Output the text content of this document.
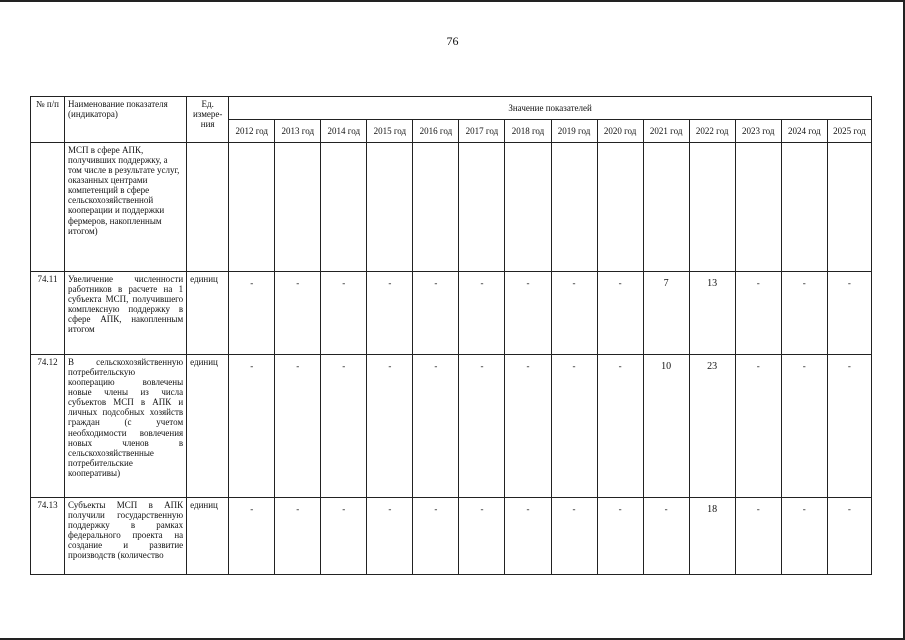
76
№ п/п	Наименование показателя (индикатора)	Ед. измере-ния	Значение показателей													
			2012 год	2013 год	2014 год	2015 год	2016 год	2017 год	2018 год	2019 год	2020 год	2021 год	2022 год	2023 год	2024 год	2025 год
	МСП в сфере АПК, получивших поддержку, а том числе в результате услуг, оказанных центрами компетенций в сфере сельскохозяйственной кооперации и поддержки фермеров, накопленным итогом)															
74.11	Увеличение численности работников в расчете на 1 субъекта МСП, получившего комплексную поддержку в сфере АПК, накопленным итогом	единиц	-	-	-	-	-	-	-	-	-	7	13	-	-	-
74.12	В сельскохозяйственную потребительскую кооперацию вовлечены новые члены из числа субъектов МСП в АПК и личных подсобных хозяйств граждан (с учетом необходимости вовлечения новых членов в сельскохозяйственные потребительские кооперативы)	единиц	-	-	-	-	-	-	-	-	-	10	23	-	-	-
74.13	Субъекты МСП в АПК получили государственную поддержку в рамках федерального проекта на создание и развитие производств (количество	единиц	-	-	-	-	-	-	-	-	-	-	18	-	-	-
